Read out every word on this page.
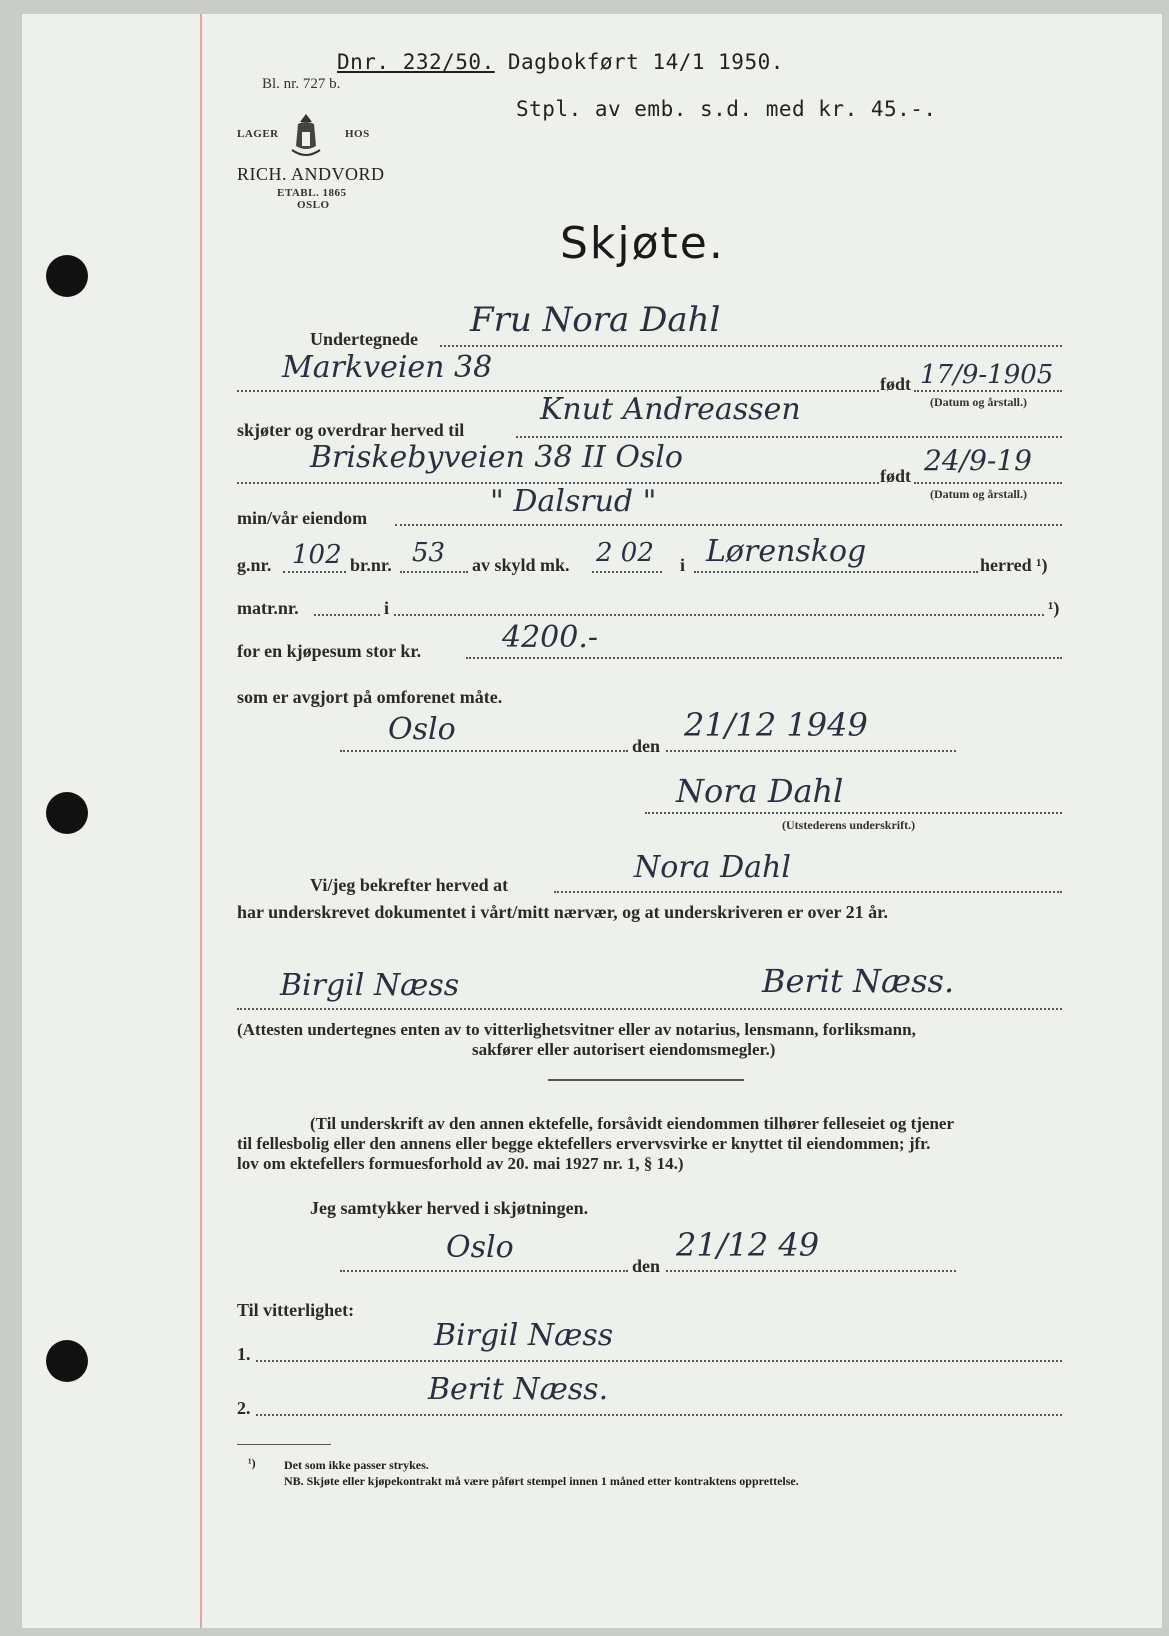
Dnr. 232/50. Dagbokført 14/1 1950.
Stpl. av emb. s.d. med kr. 45.-.
Bl. nr. 727 b.
LAGER	HOS
RICH. ANDVORD
ETABL. 1865
OSLO
Skjøte.
Undertegnede Fru Nora Dahl
Markveien 38	født 17/9-1905
(Datum og årstall.)
skjøter og overdrar herved til
Knut Andreassen
Briskebyveien 38 II Oslo
født 24/9-19
(Datum og årstall.)
min/vår eiendom	" Dalsrud "
g.nr. 102 br.nr. 53 av skyld mk. 2 02 i Lørenskog	herred ¹)
matr.nr.	i	¹)
for en kjøpesum stor kr.	4200.-
som er avgjort på omforenet måte.
Oslo	den
21/12 1949
Nora Dahl
(Utstederens underskrift.)
Vi/jeg bekrefter herved at	Nora Dahl
har underskrevet dokumentet i vårt/mitt nærvær, og at underskriveren er over 21 år.
Birgil Næss	Berit Næss.
(Attesten undertegnes enten av to vitterlighetsvitner eller av notarius, lensmann, forliksmann,
sakfører eller autorisert eiendomsmegler.)
(Til underskrift av den annen ektefelle, forsåvidt eiendommen tilhører felleseiet og tjener
til fellesbolig eller den annens eller begge ektefellers ervervsvirke er knyttet til eiendommen; jfr.
lov om ektefellers formuesforhold av 20. mai 1927 nr. 1, § 14.)
Jeg samtykker herved i skjøtningen.
Oslo
den
21/12 49
Til vitterlighet:
1.
Birgil Næss
2.
Berit Næss.
¹) Det som ikke passer strykes.
NB. Skjøte eller kjøpekontrakt må være påført stempel innen 1 måned etter kontraktens opprettelse.
